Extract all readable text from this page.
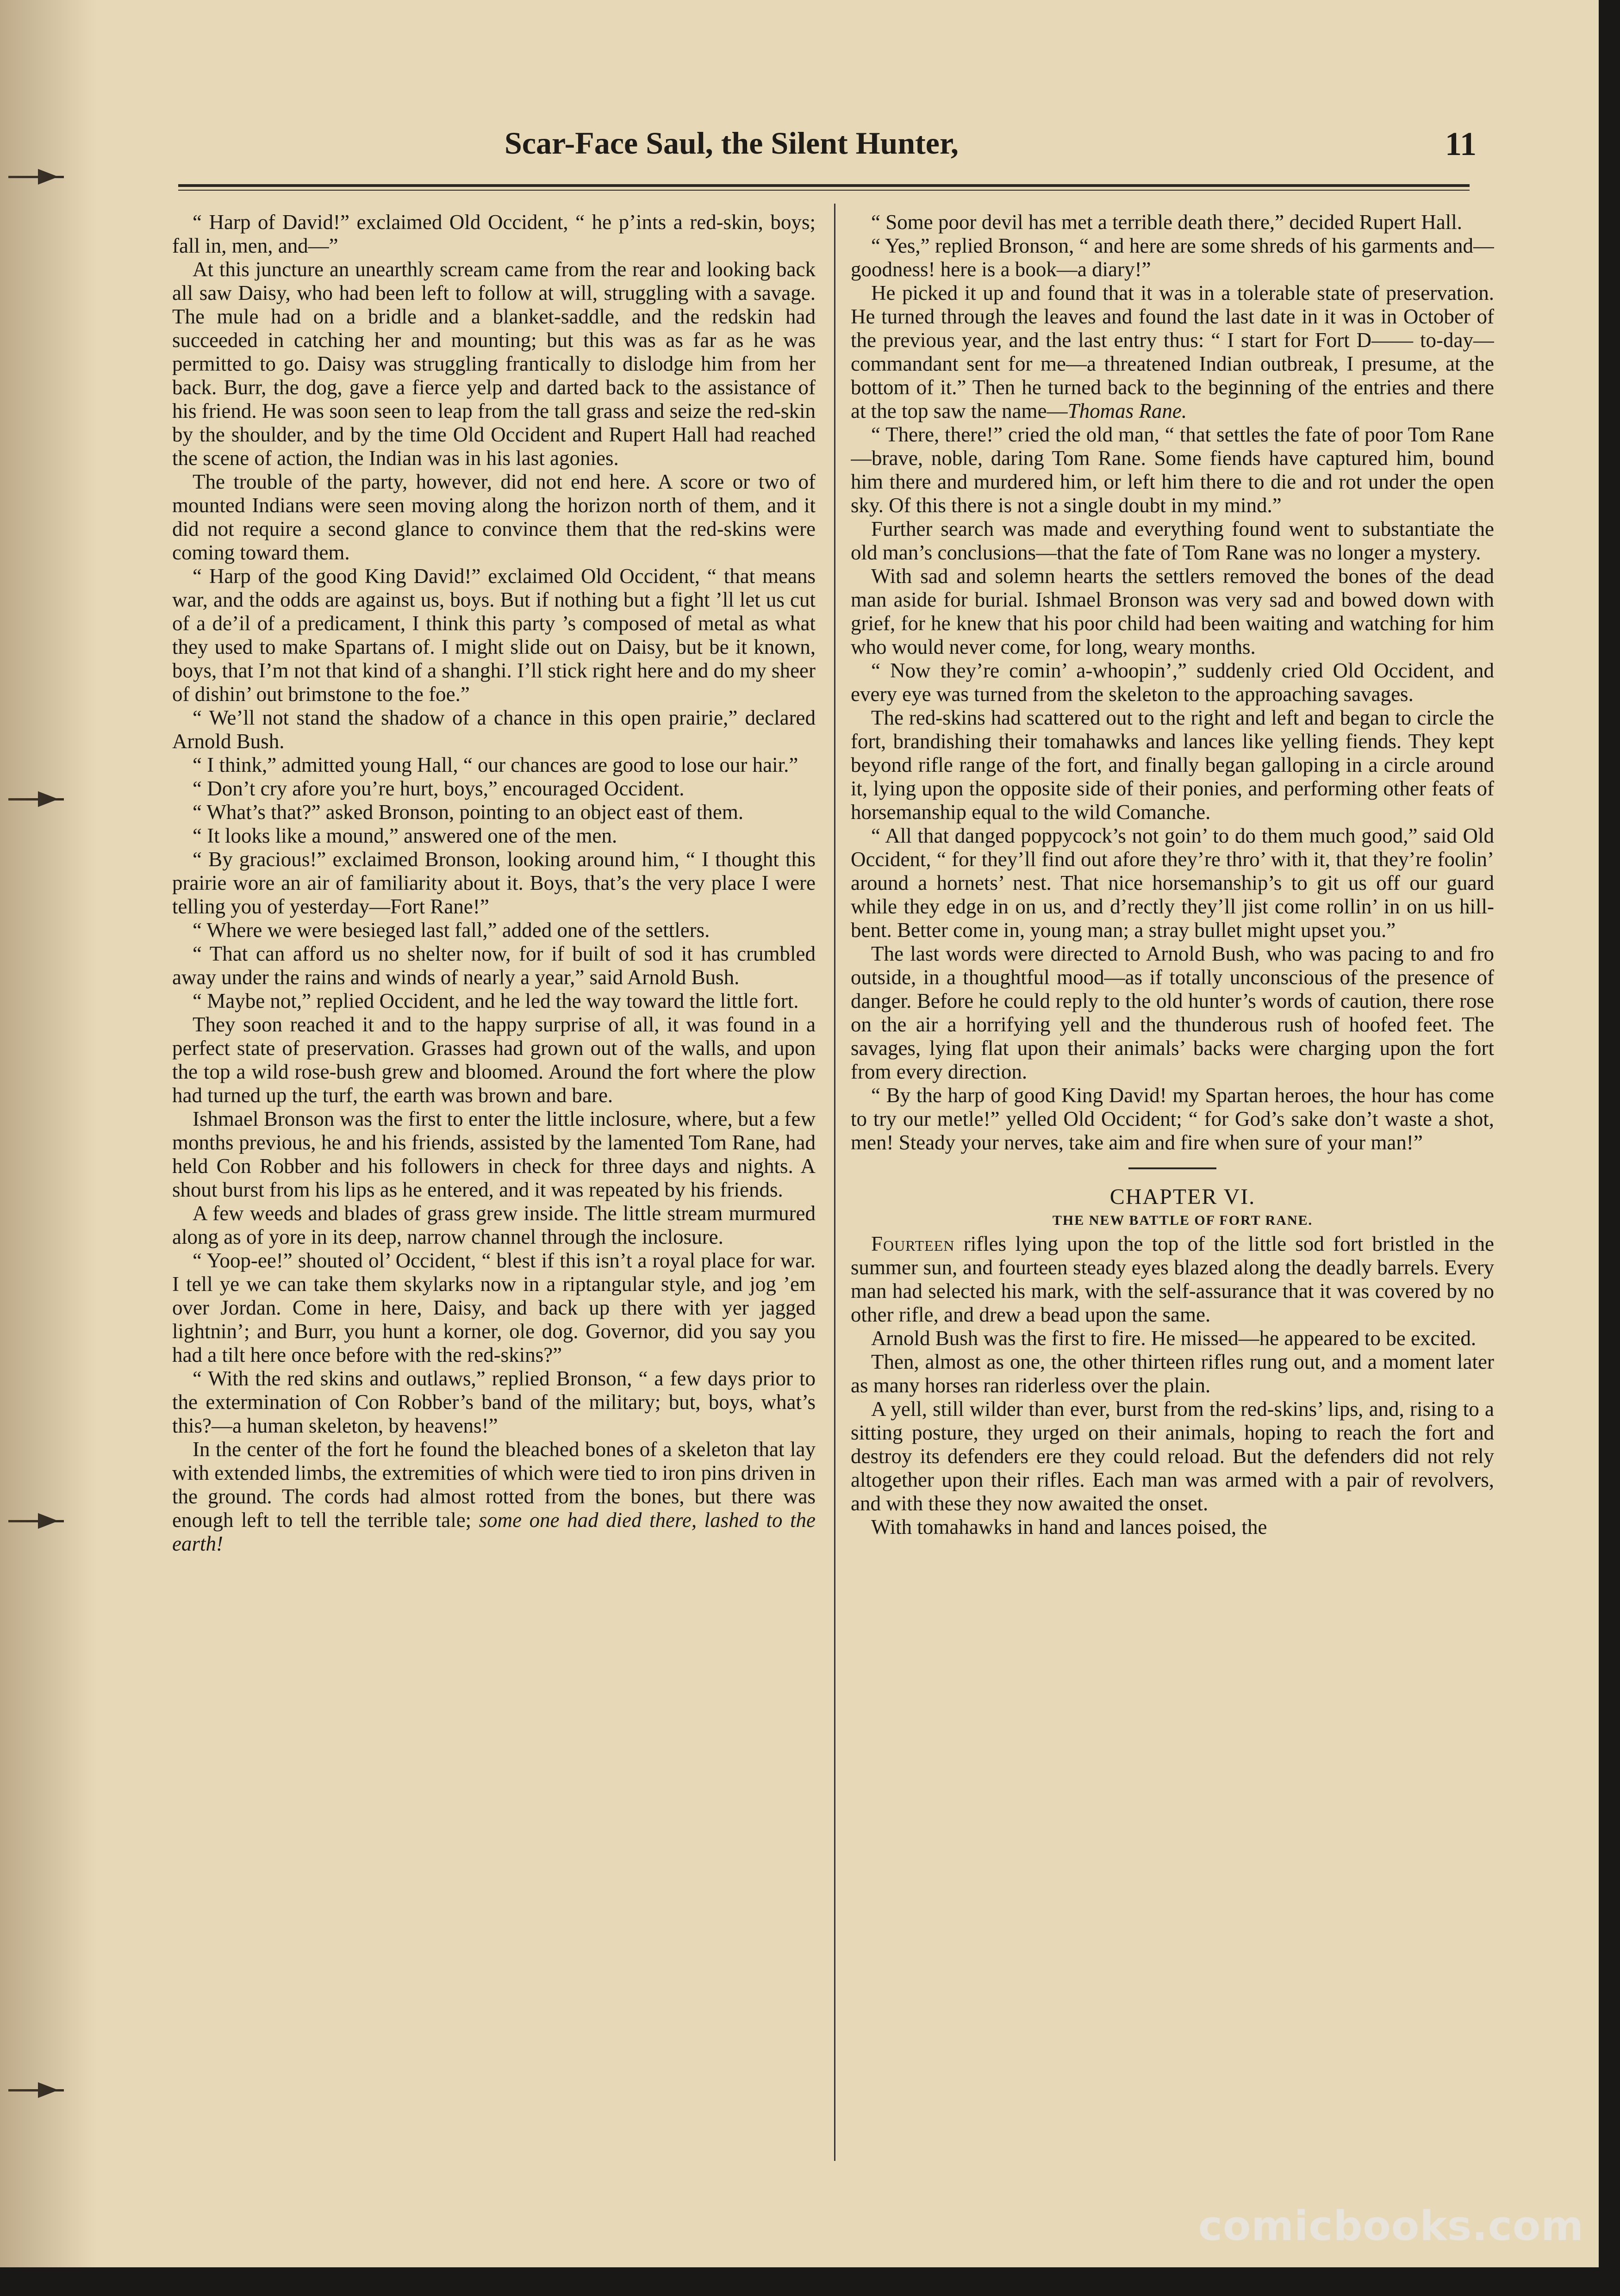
Scar-Face Saul, the Silent Hunter,	11

“ Harp of David!” exclaimed Old Occident, “ he p’ints a red-skin, boys; fall in, men, and—”

At this juncture an unearthly scream came from the rear and looking back all saw Daisy, who had been left to follow at will, struggling with a savage. The mule had on a bridle and a blanket-saddle, and the redskin had succeeded in catching her and mounting; but this was as far as he was permitted to go. Daisy was struggling frantically to dislodge him from her back. Burr, the dog, gave a fierce yelp and darted back to the assistance of his friend. He was soon seen to leap from the tall grass and seize the red-skin by the shoulder, and by the time Old Occident and Rupert Hall had reached the scene of action, the Indian was in his last agonies.

The trouble of the party, however, did not end here. A score or two of mounted Indians were seen moving along the horizon north of them, and it did not require a second glance to convince them that the red-skins were coming toward them.

“ Harp of the good King David!” exclaimed Old Occident, “ that means war, and the odds are against us, boys. But if nothing but a fight ’ll let us cut of a de’il of a predicament, I think this party ’s composed of metal as what they used to make Spartans of. I might slide out on Daisy, but be it known, boys, that I’m not that kind of a shanghi. I’ll stick right here and do my sheer of dishin’ out brimstone to the foe.”

“ We’ll not stand the shadow of a chance in this open prairie,” declared Arnold Bush.

“ I think,” admitted young Hall, “ our chances are good to lose our hair.”

“ Don’t cry afore you’re hurt, boys,” encouraged Occident.

“ What’s that?” asked Bronson, pointing to an object east of them.

“ It looks like a mound,” answered one of the men.

“ By gracious!” exclaimed Bronson, looking around him, “ I thought this prairie wore an air of familiarity about it. Boys, that’s the very place I were telling you of yesterday—Fort Rane!”

“ Where we were besieged last fall,” added one of the settlers.

“ That can afford us no shelter now, for if built of sod it has crumbled away under the rains and winds of nearly a year,” said Arnold Bush.

“ Maybe not,” replied Occident, and he led the way toward the little fort.

They soon reached it and to the happy surprise of all, it was found in a perfect state of preservation. Grasses had grown out of the walls, and upon the top a wild rose-bush grew and bloomed. Around the fort where the plow had turned up the turf, the earth was brown and bare.

Ishmael Bronson was the first to enter the little inclosure, where, but a few months previous, he and his friends, assisted by the lamented Tom Rane, had held Con Robber and his followers in check for three days and nights. A shout burst from his lips as he entered, and it was repeated by his friends.

A few weeds and blades of grass grew inside. The little stream murmured along as of yore in its deep, narrow channel through the inclosure.

“ Yoop-ee!” shouted ol’ Occident, “ blest if this isn’t a royal place for war. I tell ye we can take them skylarks now in a riptangular style, and jog ’em over Jordan. Come in here, Daisy, and back up there with yer jagged lightnin’; and Burr, you hunt a korner, ole dog. Governor, did you say you had a tilt here once before with the red-skins?”

“ With the red skins and outlaws,” replied Bronson, “ a few days prior to the extermination of Con Robber’s band of the military; but, boys, what’s this?—a human skeleton, by heavens!”

In the center of the fort he found the bleached bones of a skeleton that lay with extended limbs, the extremities of which were tied to iron pins driven in the ground. The cords had almost rotted from the bones, but there was enough left to tell the terrible tale; some one had died there, lashed to the earth!

“ Some poor devil has met a terrible death there,” decided Rupert Hall.

“ Yes,” replied Bronson, “ and here are some shreds of his garments and—goodness! here is a book—a diary!”

He picked it up and found that it was in a tolerable state of preservation. He turned through the leaves and found the last date in it was in October of the previous year, and the last entry thus: “ I start for Fort D—— to-day—commandant sent for me—a threatened Indian outbreak, I presume, at the bottom of it.” Then he turned back to the beginning of the entries and there at the top saw the name—Thomas Rane.

“ There, there!” cried the old man, “ that settles the fate of poor Tom Rane—brave, noble, daring Tom Rane. Some fiends have captured him, bound him there and murdered him, or left him there to die and rot under the open sky. Of this there is not a single doubt in my mind.”

Further search was made and everything found went to substantiate the old man’s conclusions—that the fate of Tom Rane was no longer a mystery.

With sad and solemn hearts the settlers removed the bones of the dead man aside for burial. Ishmael Bronson was very sad and bowed down with grief, for he knew that his poor child had been waiting and watching for him who would never come, for long, weary months.

“ Now they’re comin’ a-whoopin’,” suddenly cried Old Occident, and every eye was turned from the skeleton to the approaching savages.

The red-skins had scattered out to the right and left and began to circle the fort, brandishing their tomahawks and lances like yelling fiends. They kept beyond rifle range of the fort, and finally began galloping in a circle around it, lying upon the opposite side of their ponies, and performing other feats of horsemanship equal to the wild Comanche.

“ All that danged poppycock’s not goin’ to do them much good,” said Old Occident, “ for they’ll find out afore they’re thro’ with it, that they’re foolin’ around a hornets’ nest. That nice horsemanship’s to git us off our guard while they edge in on us, and d’rectly they’ll jist come rollin’ in on us hill-bent. Better come in, young man; a stray bullet might upset you.”

The last words were directed to Arnold Bush, who was pacing to and fro outside, in a thoughtful mood—as if totally unconscious of the presence of danger. Before he could reply to the old hunter’s words of caution, there rose on the air a horrifying yell and the thunderous rush of hoofed feet. The savages, lying flat upon their animals’ backs were charging upon the fort from every direction.

“ By the harp of good King David! my Spartan heroes, the hour has come to try our metle!” yelled Old Occident; “ for God’s sake don’t waste a shot, men! Steady your nerves, take aim and fire when sure of your man!”

CHAPTER VI.

THE NEW BATTLE OF FORT RANE.

Fourteen rifles lying upon the top of the little sod fort bristled in the summer sun, and fourteen steady eyes blazed along the deadly barrels. Every man had selected his mark, with the self-assurance that it was covered by no other rifle, and drew a bead upon the same.

Arnold Bush was the first to fire. He missed—he appeared to be excited.

Then, almost as one, the other thirteen rifles rung out, and a moment later as many horses ran riderless over the plain.

A yell, still wilder than ever, burst from the red-skins’ lips, and, rising to a sitting posture, they urged on their animals, hoping to reach the fort and destroy its defenders ere they could reload. But the defenders did not rely altogether upon their rifles. Each man was armed with a pair of revolvers, and with these they now awaited the onset.

With tomahawks in hand and lances poised, the

comicbooks.com
